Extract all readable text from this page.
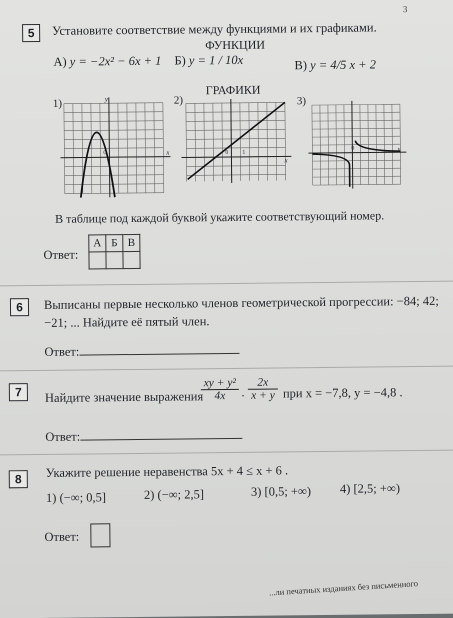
3
5	Установите соответствие между функциями и их графиками.
ФУНКЦИИ
А) y = −2x² − 6x + 1 Б) y = 1 / 10x	В) y = 4/5 x + 2
ГРАФИКИ
1)	2)	3)
y
x
0
x
0 1
0	x
В таблице под каждой буквой укажите соответствующий номер.
Ответ:
А	Б	В

6	Выписаны первые несколько членов геометрической прогрессии: −84; 42;
−21; ... Найдите её пятый член.
Ответ:
7	Найдите значение выражения
$\frac{\text{xy + y²}}{4x} \cdot \frac{2x}{x + y}$ при x = −7,8, y = −4,8 .
Ответ:
8	Укажите решение неравенства 5x + 4 ≤ x + 6 .
1) (−∞; 0,5]	2) (−∞; 2,5]	3) [0,5; +∞) 4) [2,5; +∞)
Ответ:
...ли печатных изданиях без письменного
